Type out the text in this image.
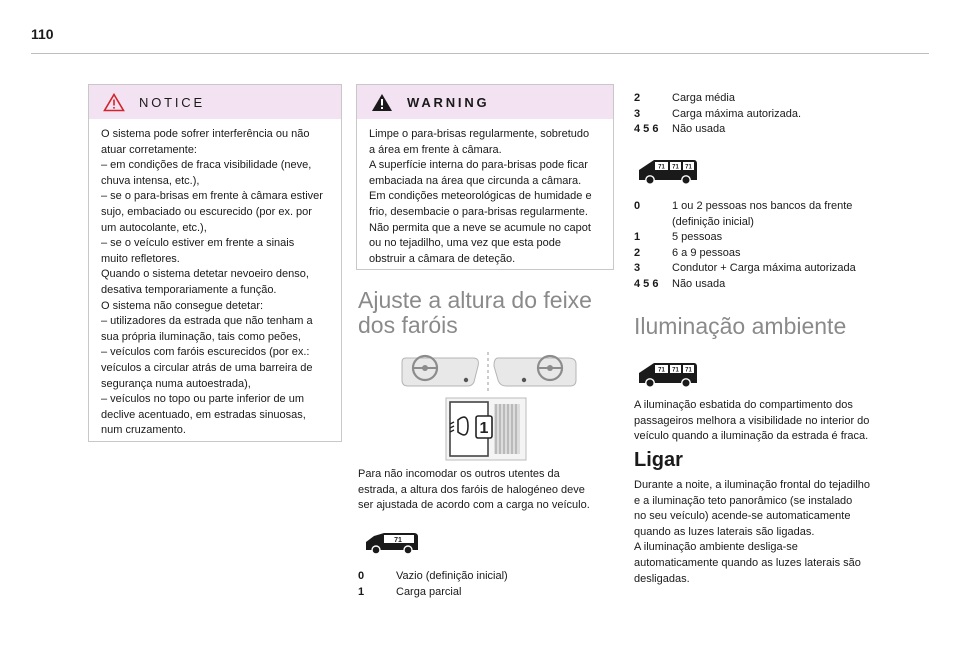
110
NOTICE

O sistema pode sofrer interferência ou não

atuar corretamente:

– em condições de fraca visibilidade (neve,

chuva intensa, etc.),

– se o para-brisas em frente à câmara estiver

sujo, embaciado ou escurecido (por ex. por

um autocolante, etc.),

– se o veículo estiver em frente a sinais

muito refletores.

Quando o sistema detetar nevoeiro denso,

desativa temporariamente a função.

O sistema não consegue detetar:

– utilizadores da estrada que não tenham a

sua própria iluminação, tais como peões,

– veículos com faróis escurecidos (por ex.:

veículos a circular atrás de uma barreira de

segurança numa autoestrada),

– veículos no topo ou parte inferior de um

declive acentuado, em estradas sinuosas,

num cruzamento.

WARNING

Limpe o para-brisas regularmente, sobretudo

a área em frente à câmara.

A superfície interna do para-brisas pode ficar

embaciada na área que circunda a câmara.

Em condições meteorológicas de humidade e

frio, desembacie o para-brisas regularmente.

Não permita que a neve se acumule no capot

ou no tejadilho, uma vez que esta pode

obstruir a câmara de deteção.

Ajuste a altura do feixe
dos faróis
1

Para não incomodar os outros utentes da

estrada, a altura dos faróis de halogéneo deve

ser ajustada de acordo com a carga no veículo.

71
0	Vazio (definição inicial)
1	Carga parcial
2	Carga média
3	Carga máxima autorizada.
4 5 6	Não usada
71 71 71
0	1 ou 2 pessoas nos bancos da frente
(definição inicial)
1	5 pessoas
2	6 a 9 pessoas
3	Condutor + Carga máxima autorizada
4 5 6	Não usada
Iluminação ambiente
71 71 71

A iluminação esbatida do compartimento dos

passageiros melhora a visibilidade no interior do

veículo quando a iluminação da estrada é fraca.

Ligar

Durante a noite, a iluminação frontal do tejadilho

e a iluminação teto panorâmico (se instalado

no seu veículo) acende-se automaticamente

quando as luzes laterais são ligadas.

A iluminação ambiente desliga-se

automaticamente quando as luzes laterais são

desligadas.
